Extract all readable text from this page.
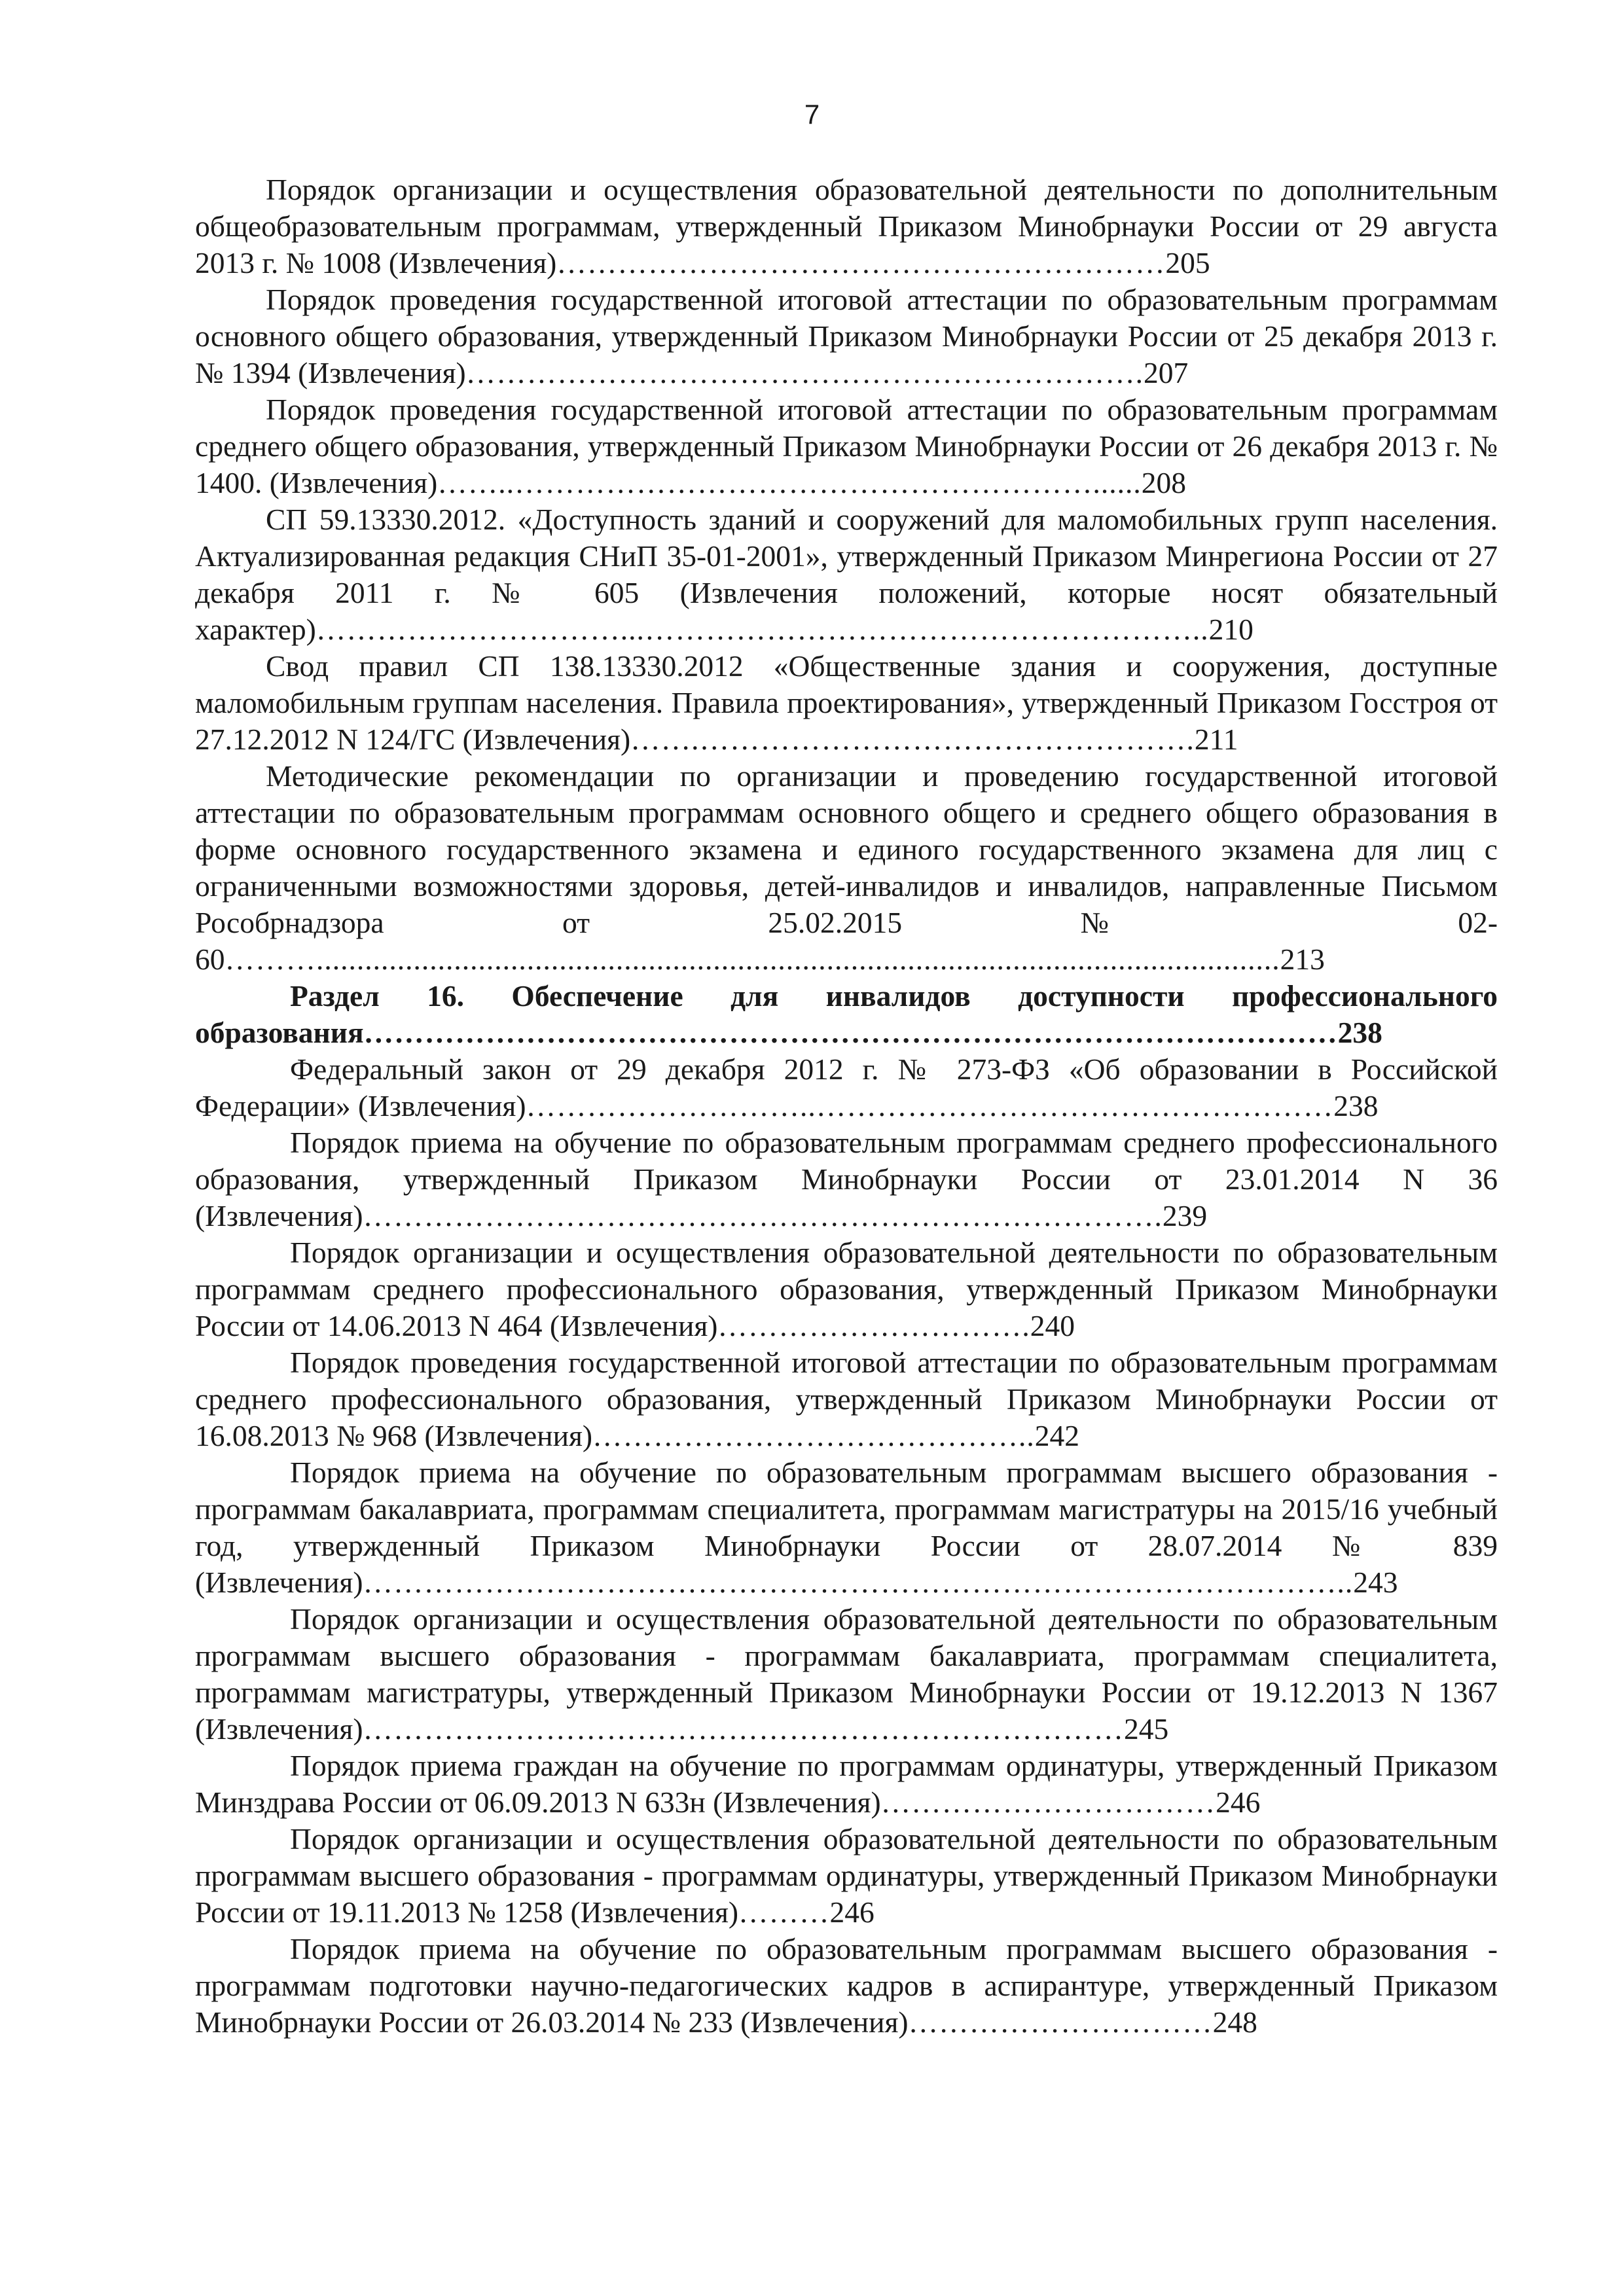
7

Порядок организации и осуществления образовательной деятельности по дополнительным общеобразовательным программам, утвержденный Приказом Минобрнауки России от 29 августа 2013 г. № 1008 (Извлечения)……………………………………………………205

Порядок проведения государственной итоговой аттестации по образовательным программам основного общего образования, утвержденный Приказом Минобрнауки России от 25 декабря 2013 г. № 1394 (Извлечения)………………………………………………………….207

Порядок проведения государственной итоговой аттестации по образовательным программам среднего общего образования, утвержденный Приказом Минобрнауки России от 26 декабря 2013 г. № 1400. (Извлечения)……..…………………………………………………......208

СП 59.13330.2012. «Доступность зданий и сооружений для маломобильных групп населения. Актуализированная редакция СНиП 35-01-2001», утвержденный Приказом Минрегиона России от 27 декабря 2011 г. № 605 (Извлечения положений, которые носят обязательный характер)…………………………...………………………………………………..210

Свод правил СП 138.13330.2012 «Общественные здания и сооружения, доступные маломобильным группам населения. Правила проектирования», утвержденный Приказом Госстроя от 27.12.2012 N 124/ГС (Извлечения)…….………………………………………….211

Методические рекомендации по организации и проведению государственной итоговой аттестации по образовательным программам основного общего и среднего общего образования в форме основного государственного экзамена и единого государственного экзамена для лиц с ограниченными возможностями здоровья, детей-инвалидов и инвалидов, направленные Письмом Рособрнадзора от 25.02.2015 № 02-60……….......................................................................................................................213

Раздел 16. Обеспечение для инвалидов доступности профессионального образования……………………………………………………………………………………238

Федеральный закон от 29 декабря 2012 г. № 273-ФЗ «Об образовании в Российской Федерации» (Извлечения)………………………..……………………………………………238

Порядок приема на обучение по образовательным программам среднего профессионального образования, утвержденный Приказом Минобрнауки России от 23.01.2014 N 36 (Извлечения)…………………………………………………………………….239

Порядок организации и осуществления образовательной деятельности по образовательным программам среднего профессионального образования, утвержденный Приказом Минобрнауки России от 14.06.2013 N 464 (Извлечения)………………………….240

Порядок проведения государственной итоговой аттестации по образовательным программам среднего профессионального образования, утвержденный Приказом Минобрнауки России от 16.08.2013 № 968 (Извлечения)……………………………………..242

Порядок приема на обучение по образовательным программам высшего образования - программам бакалавриата, программам специалитета, программам магистратуры на 2015/16 учебный год, утвержденный Приказом Минобрнауки России от 28.07.2014 № 839 (Извлечения)……………………………………………………………………………………..243

Порядок организации и осуществления образовательной деятельности по образовательным программам высшего образования - программам бакалавриата, программам специалитета, программам магистратуры, утвержденный Приказом Минобрнауки России от 19.12.2013 N 1367 (Извлечения)…………………………………………………………………245

Порядок приема граждан на обучение по программам ординатуры, утвержденный Приказом Минздрава России от 06.09.2013 N 633н (Извлечения)……………………………246

Порядок организации и осуществления образовательной деятельности по образовательным программам высшего образования - программам ординатуры, утвержденный Приказом Минобрнауки России от 19.11.2013 № 1258 (Извлечения)………246

Порядок приема на обучение по образовательным программам высшего образования - программам подготовки научно-педагогических кадров в аспирантуре, утвержденный Приказом Минобрнауки России от 26.03.2014 № 233 (Извлечения)…………………………248
